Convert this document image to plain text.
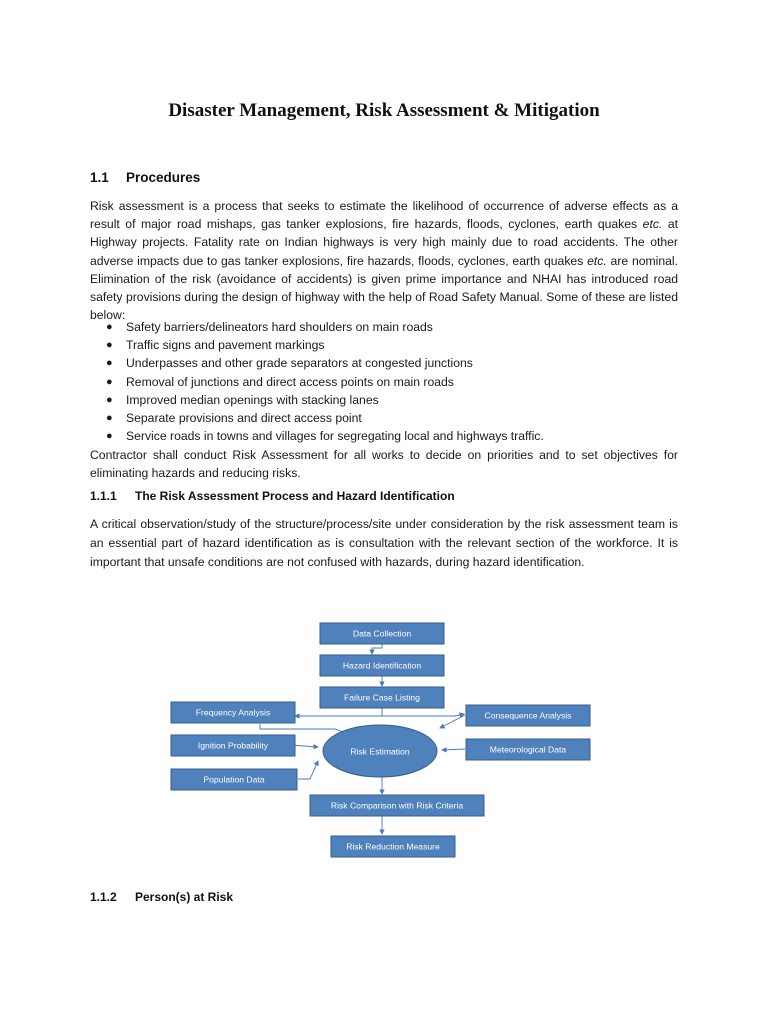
Disaster Management, Risk Assessment & Mitigation
1.1 Procedures

Risk assessment is a process that seeks to estimate the likelihood of occurrence of adverse effects as a result of major road mishaps, gas tanker explosions, fire hazards, floods, cyclones, earth quakes etc. at Highway projects. Fatality rate on Indian highways is very high mainly due to road accidents. The other adverse impacts due to gas tanker explosions, fire hazards, floods, cyclones, earth quakes etc. are nominal. Elimination of the risk (avoidance of accidents) is given prime importance and NHAI has introduced road safety provisions during the design of highway with the help of Road Safety Manual. Some of these are listed below:

● Safety barriers/delineators hard shoulders on main roads
● Traffic signs and pavement markings
● Underpasses and other grade separators at congested junctions
● Removal of junctions and direct access points on main roads
● Improved median openings with stacking lanes
● Separate provisions and direct access point
● Service roads in towns and villages for segregating local and highways traffic.

Contractor shall conduct Risk Assessment for all works to decide on priorities and to set objectives for eliminating hazards and reducing risks.

1.1.1 The Risk Assessment Process and Hazard Identification

A critical observation/study of the structure/process/site under consideration by the risk assessment team is an essential part of hazard identification as is consultation with the relevant section of the workforce. It is important that unsafe conditions are not confused with hazards, during hazard identification.

Data Collection
Hazard Identification
Failure Case Listing
Frequency Analysis
Ignition Probability
Population Data
Risk Estimation
Consequence Analysis
Meteorological Data
Risk Comparison with Risk Criteria
Risk Reduction Measure
1.1.2 Person(s) at Risk
